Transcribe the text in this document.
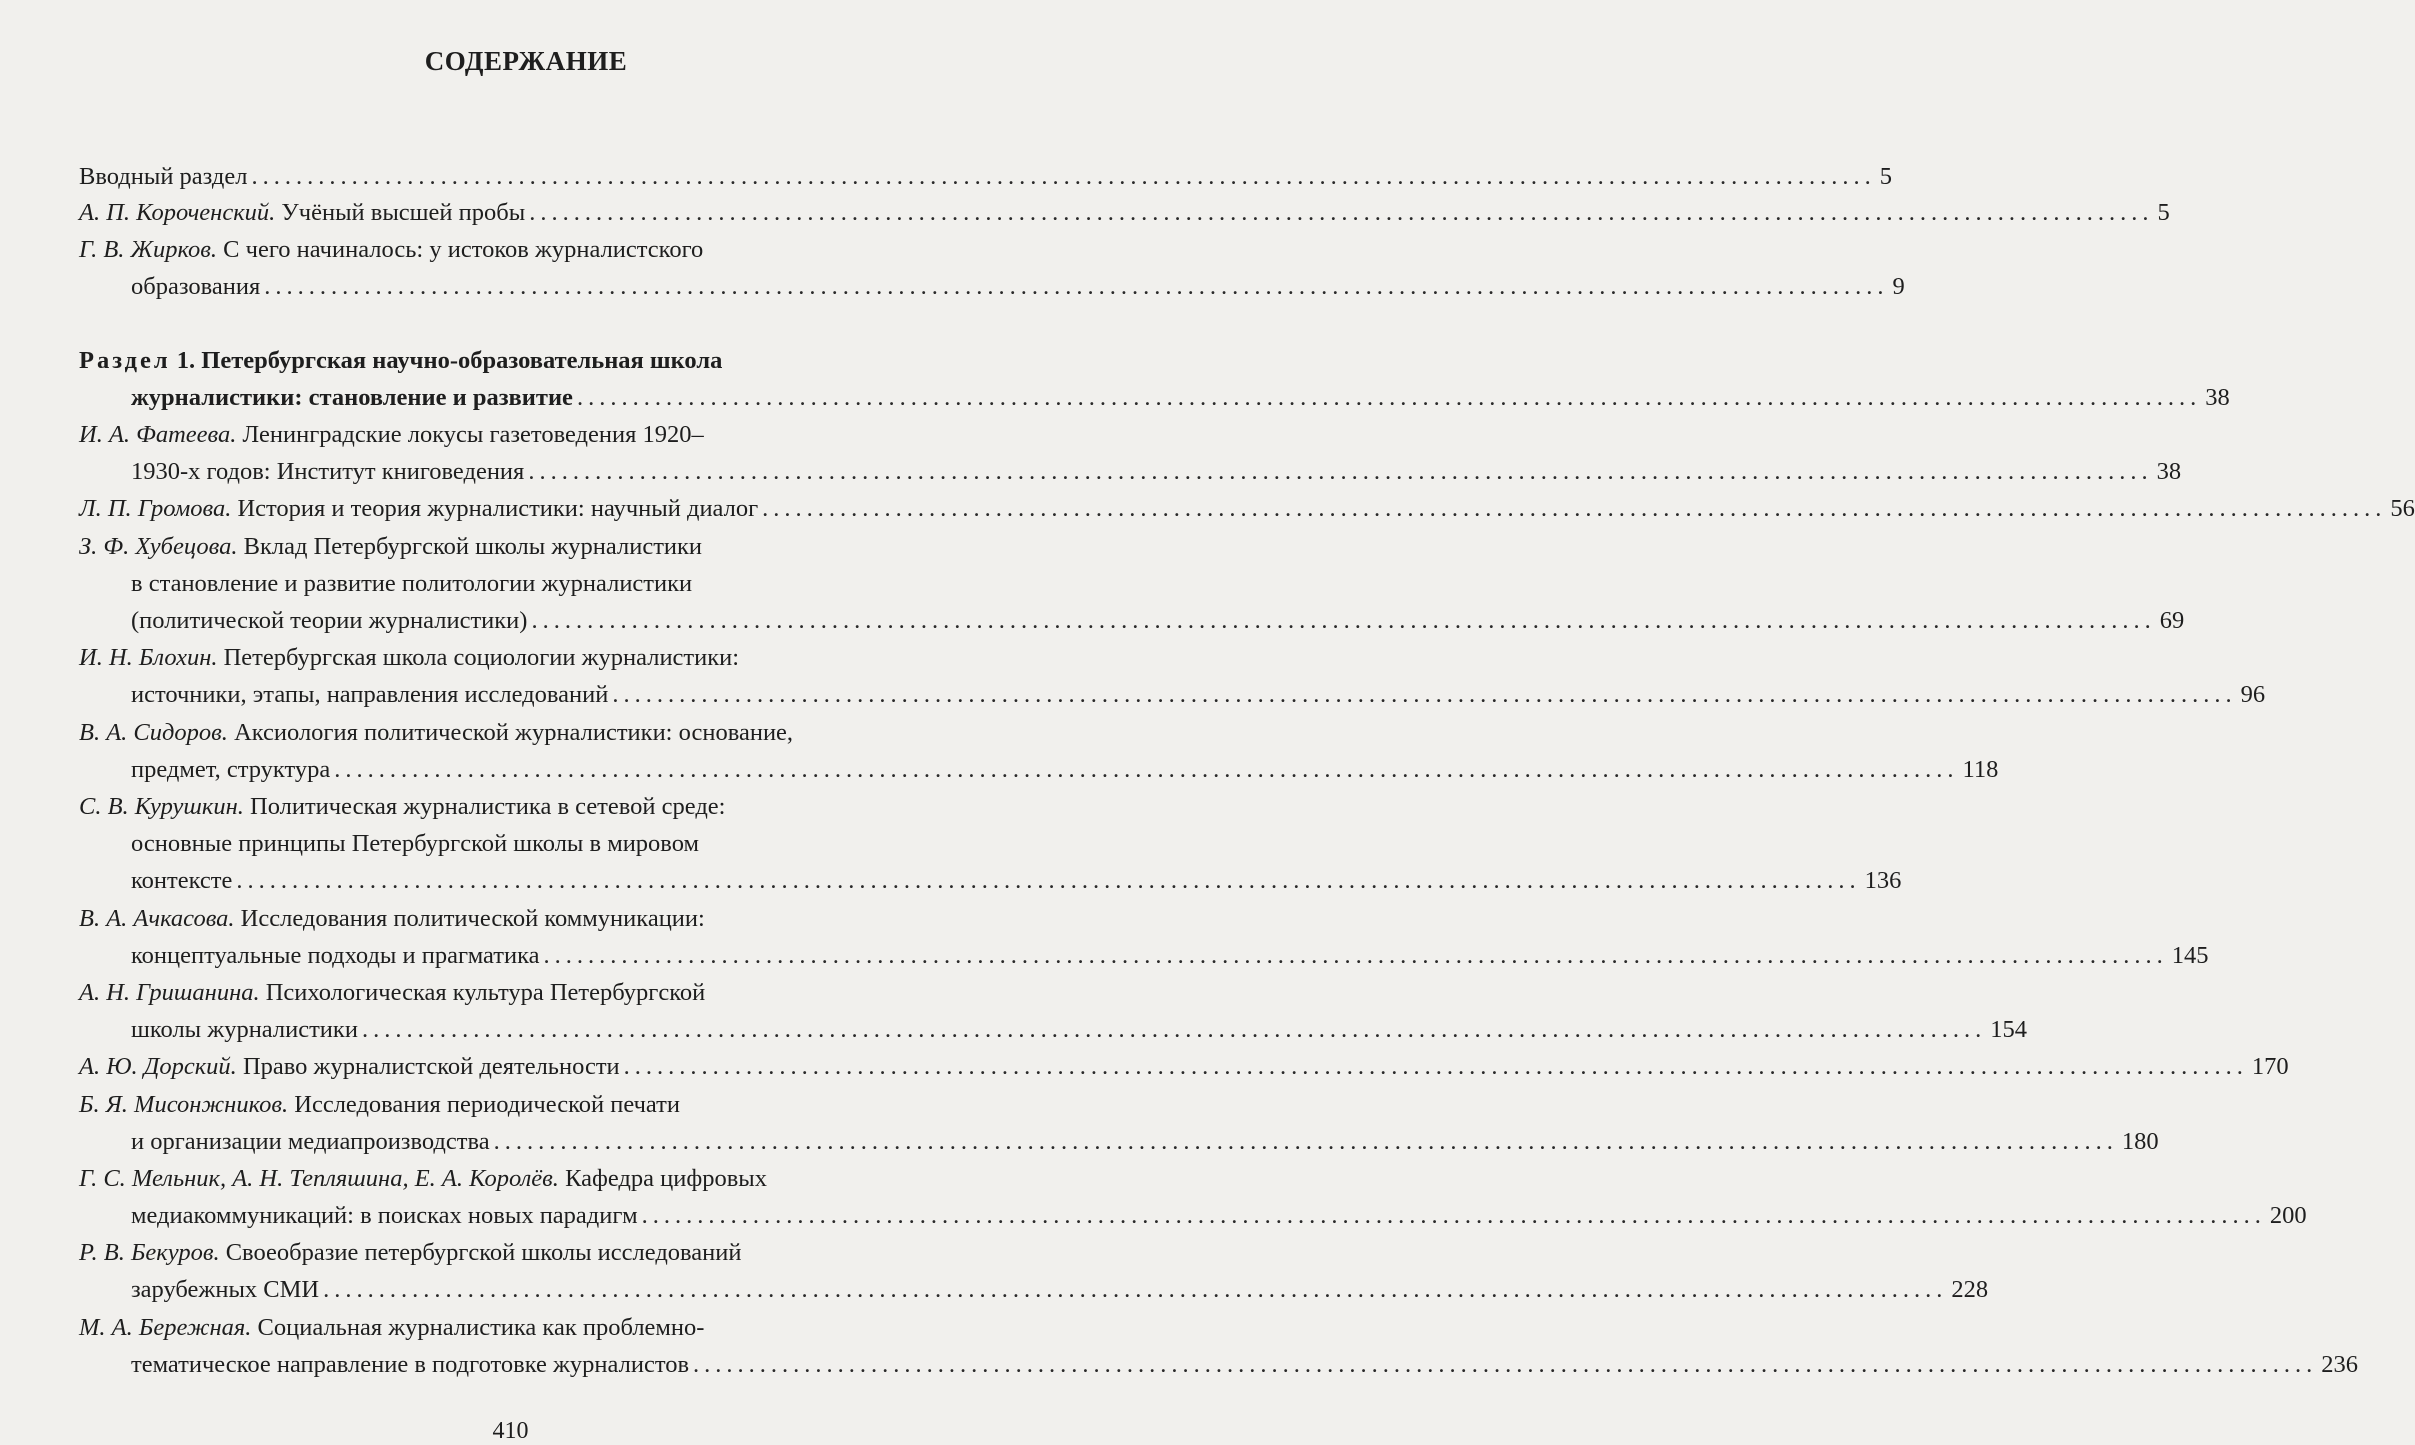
СОДЕРЖАНИЕ
Вводный раздел .................................................................................................................................................. 5
А. П. Короченский. Учёный высшей пробы .................................................................................................................................................. 5
Г. В. Жирков. С чего начиналось: у истоков журналистского
образования .................................................................................................................................................. 9
Раздел 1. Петербургская научно-образовательная школа
журналистики: становление и развитие .................................................................................................................................................. 38
И. А. Фатеева. Ленинградские локусы газетоведения 1920–
1930-х годов: Институт книговедения .................................................................................................................................................. 38
Л. П. Громова. История и теория журналистики: научный диалог .................................................................................................................................................. 56
З. Ф. Хубецова. Вклад Петербургской школы журналистики
в становление и развитие политологии журналистики
(политической теории журналистики) .................................................................................................................................................. 69
И. Н. Блохин. Петербургская школа социологии журналистики:
источники, этапы, направления исследований .................................................................................................................................................. 96
В. А. Сидоров. Аксиология политической журналистики: основание,
предмет, структура .................................................................................................................................................. 118
С. В. Курушкин. Политическая журналистика в сетевой среде:
основные принципы Петербургской школы в мировом
контексте .................................................................................................................................................. 136
В. А. Ачкасова. Исследования политической коммуникации:
концептуальные подходы и прагматика .................................................................................................................................................. 145
А. Н. Гришанина. Психологическая культура Петербургской
школы журналистики .................................................................................................................................................. 154
А. Ю. Дорский. Право журналистской деятельности .................................................................................................................................................. 170
Б. Я. Мисонжников. Исследования периодической печати
и организации медиапроизводства .................................................................................................................................................. 180
Г. С. Мельник, А. Н. Тепляшина, Е. А. Королёв. Кафедра цифровых
медиакоммуникаций: в поисках новых парадигм .................................................................................................................................................. 200
Р. В. Бекуров. Своеобразие петербургской школы исследований
зарубежных СМИ .................................................................................................................................................. 228
М. А. Бережная. Социальная журналистика как проблемно-
тематическое направление в подготовке журналистов .................................................................................................................................................. 236
410
